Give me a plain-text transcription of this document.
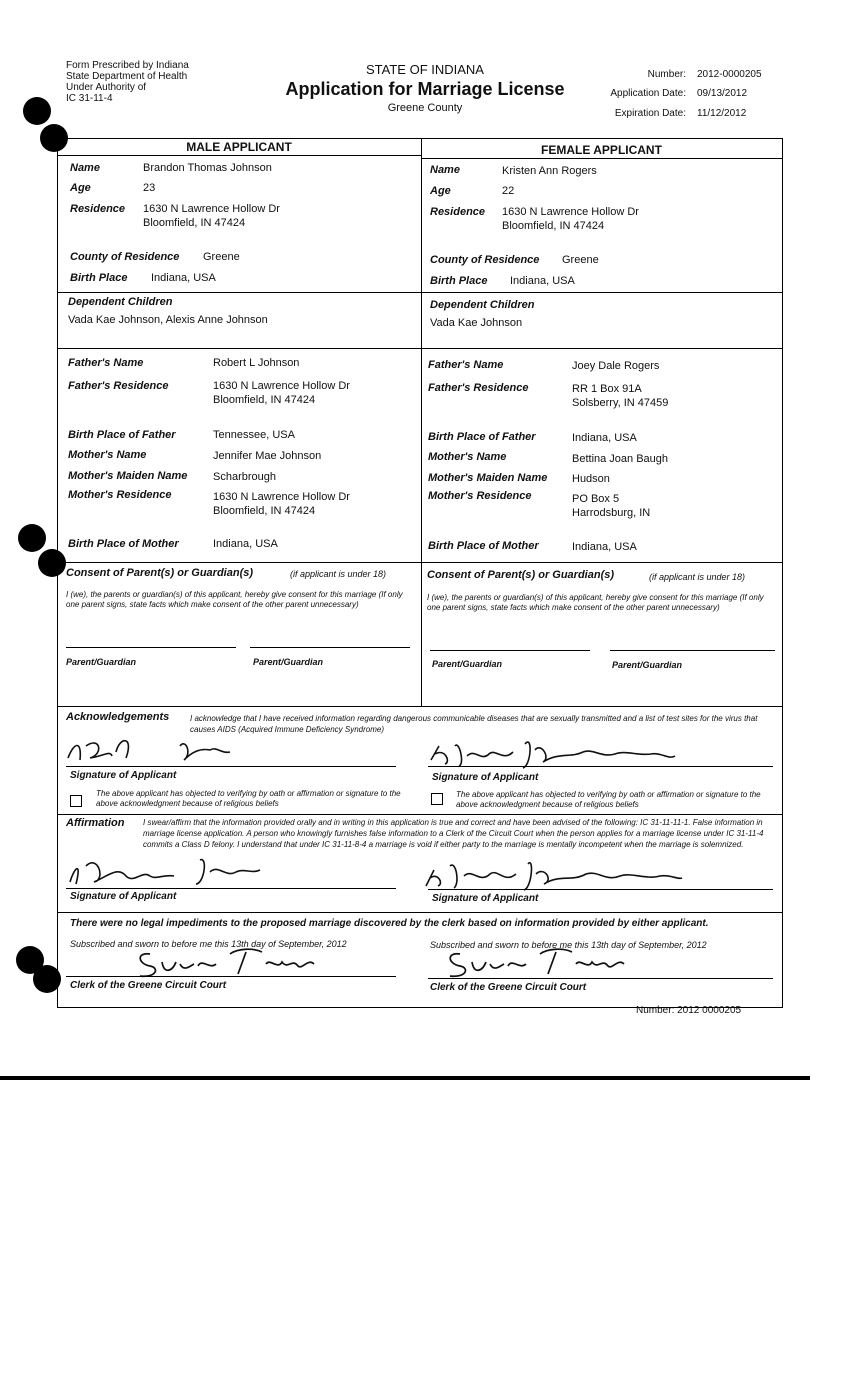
Form Prescribed by Indiana
State Department of Health
Under Authority of
IC 31-11-4
STATE OF INDIANA
Application for Marriage License
Greene County
Number: 2012-0000205
Application Date: 09/13/2012
Expiration Date: 11/12/2012
MALE APPLICANT	FEMALE APPLICANT
Name	Brandon Thomas Johnson
Age	23
Residence 1630 N Lawrence Hollow Dr
Bloomfield, IN 47424
County of Residence Greene
Birth Place Indiana, USA
Dependent Children
Vada Kae Johnson, Alexis Anne Johnson
Father's Name	Robert L Johnson
Father's Residence	1630 N Lawrence Hollow Dr
Bloomfield, IN 47424
Birth Place of Father	Tennessee, USA
Mother's Name	Jennifer Mae Johnson
Mother's Maiden Name Scharbrough
Mother's Residence	1630 N Lawrence Hollow Dr
Bloomfield, IN 47424
Birth Place of Mother	Indiana, USA
Name	Kristen Ann Rogers
Age	22
Residence 1630 N Lawrence Hollow Dr
Bloomfield, IN 47424
County of Residence Greene
Birth Place Indiana, USA
Dependent Children
Vada Kae Johnson
Father's Name	Joey Dale Rogers
Father's Residence	RR 1 Box 91A
Solsberry, IN 47459
Birth Place of Father	Indiana, USA
Mother's Name	Bettina Joan Baugh
Mother's Maiden Name Hudson
Mother's Residence	PO Box 5
Harrodsburg, IN
Birth Place of Mother	Indiana, USA
Consent of Parent(s) or Guardian(s)	(if applicant is under 18)
I (we), the parents or guardian(s) of this applicant, hereby give consent for this marriage (If only one parent signs, state facts which make consent of the other parent unnecessary)
Parent/Guardian	Parent/Guardian
Consent of Parent(s) or Guardian(s)	(if applicant is under 18)
I (we), the parents or guardian(s) of this applicant, hereby give consent for this marriage (If only one parent signs, state facts which make consent of the other parent unnecessary)
Parent/Guardian	Parent/Guardian
Acknowledgements	I acknowledge that I have received information regarding dangerous communicable diseases that are sexually transmitted and a list of test sites for the virus that causes AIDS (Acquired Immune Deficiency Syndrome)
Signature of Applicant
The above applicant has objected to verifying by oath or affirmation or signature to the above acknowledgment because of religious beliefs
Signature of Applicant
The above applicant has objected to verifying by oath or affirmation or signature to the above acknowledgment because of religious beliefs
Affirmation I swear/affirm that the information provided orally and in writing in this application is true and correct and have been advised of the following: IC 31-11-11-1. False information in marriage license application. A person who knowingly furnishes false information to a Clerk of the Circuit Court when the person applies for a marriage license under IC 31-11-4 commits a Class D felony. I understand that under IC 31-11-8-4 a marriage is void if either party to the marriage is mentally incompetent when the marriage is solemnized.
Signature of Applicant	Signature of Applicant
There were no legal impediments to the proposed marriage discovered by the clerk based on information provided by either applicant.
Subscribed and sworn to before me this 13th day of September, 2012	Subscribed and sworn to before me this 13th day of September, 2012
Clerk of the Greene Circuit Court	Clerk of the Greene Circuit Court
Number: 2012 0000205
